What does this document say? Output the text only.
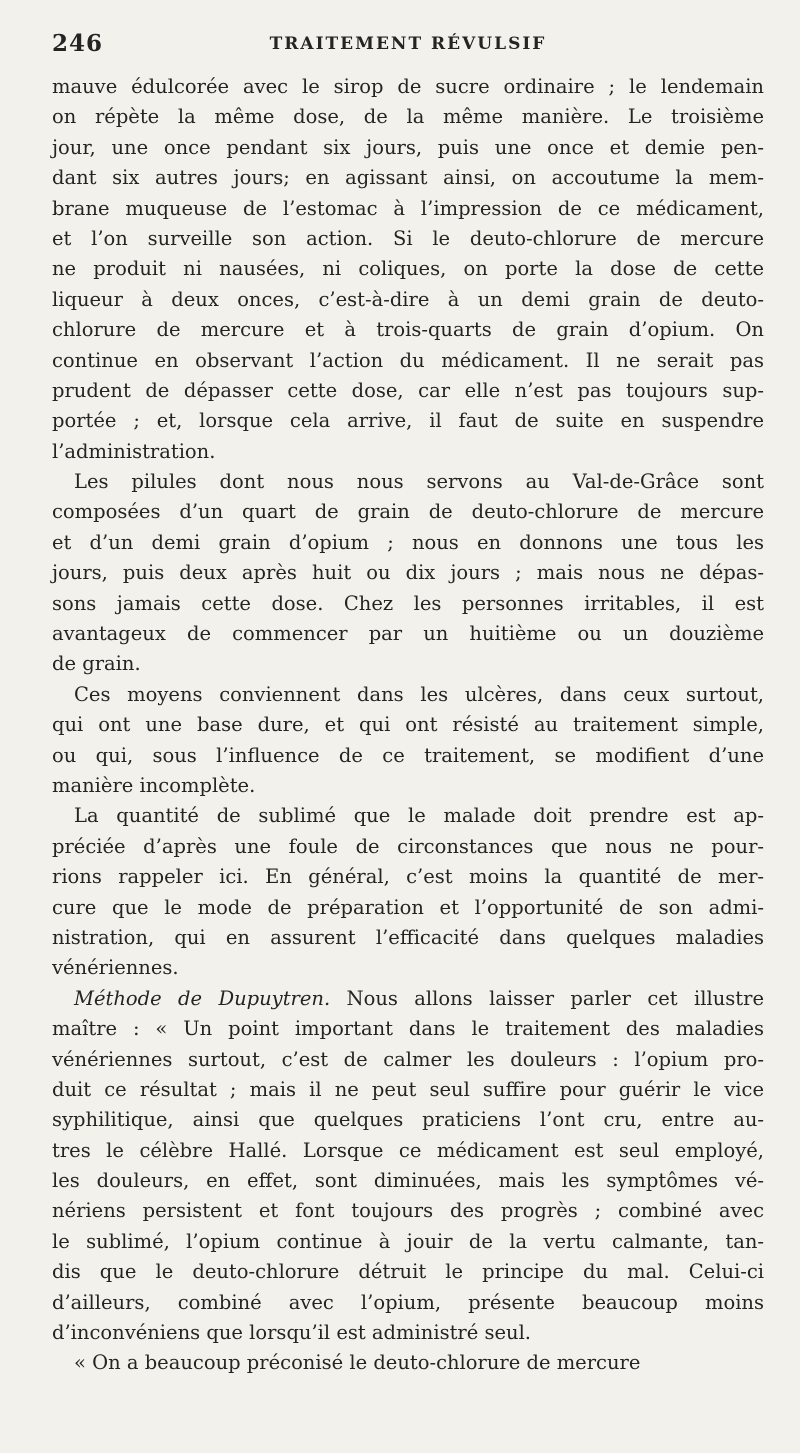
246	TRAITEMENT RÉVULSIF
mauve édulcorée avec le sirop de sucre ordinaire ; le lendemain
on répète la même dose, de la même manière. Le troisième
jour, une once pendant six jours, puis une once et demie pen-
dant six autres jours; en agissant ainsi, on accoutume la mem-
brane muqueuse de l’estomac à l’impression de ce médicament,
et l’on surveille son action. Si le deuto-chlorure de mercure
ne produit ni nausées, ni coliques, on porte la dose de cette
liqueur à deux onces, c’est-à-dire à un demi grain de deuto-
chlorure de mercure et à trois-quarts de grain d’opium. On
continue en observant l’action du médicament. Il ne serait pas
prudent de dépasser cette dose, car elle n’est pas toujours sup-
portée ; et, lorsque cela arrive, il faut de suite en suspendre
l’administration.
Les pilules dont nous nous servons au Val-de-Grâce sont
composées d’un quart de grain de deuto-chlorure de mercure
et d’un demi grain d’opium ; nous en donnons une tous les
jours, puis deux après huit ou dix jours ; mais nous ne dépas-
sons jamais cette dose. Chez les personnes irritables, il est
avantageux de commencer par un huitième ou un douzième
de grain.
Ces moyens conviennent dans les ulcères, dans ceux surtout,
qui ont une base dure, et qui ont résisté au traitement simple,
ou qui, sous l’influence de ce traitement, se modifient d’une
manière incomplète.
La quantité de sublimé que le malade doit prendre est ap-
préciée d’après une foule de circonstances que nous ne pour-
rions rappeler ici. En général, c’est moins la quantité de mer-
cure que le mode de préparation et l’opportunité de son admi-
nistration, qui en assurent l’efficacité dans quelques maladies
vénériennes.
Méthode de Dupuytren. Nous allons laisser parler cet illustre
maître : « Un point important dans le traitement des maladies
vénériennes surtout, c’est de calmer les douleurs : l’opium pro-
duit ce résultat ; mais il ne peut seul suffire pour guérir le vice
syphilitique, ainsi que quelques praticiens l’ont cru, entre au-
tres le célèbre Hallé. Lorsque ce médicament est seul employé,
les douleurs, en effet, sont diminuées, mais les symptômes vé-
nériens persistent et font toujours des progrès ; combiné avec
le sublimé, l’opium continue à jouir de la vertu calmante, tan-
dis que le deuto-chlorure détruit le principe du mal. Celui-ci
d’ailleurs, combiné avec l’opium, présente beaucoup moins
d’inconvéniens que lorsqu’il est administré seul.
« On a beaucoup préconisé le deuto-chlorure de mercure
